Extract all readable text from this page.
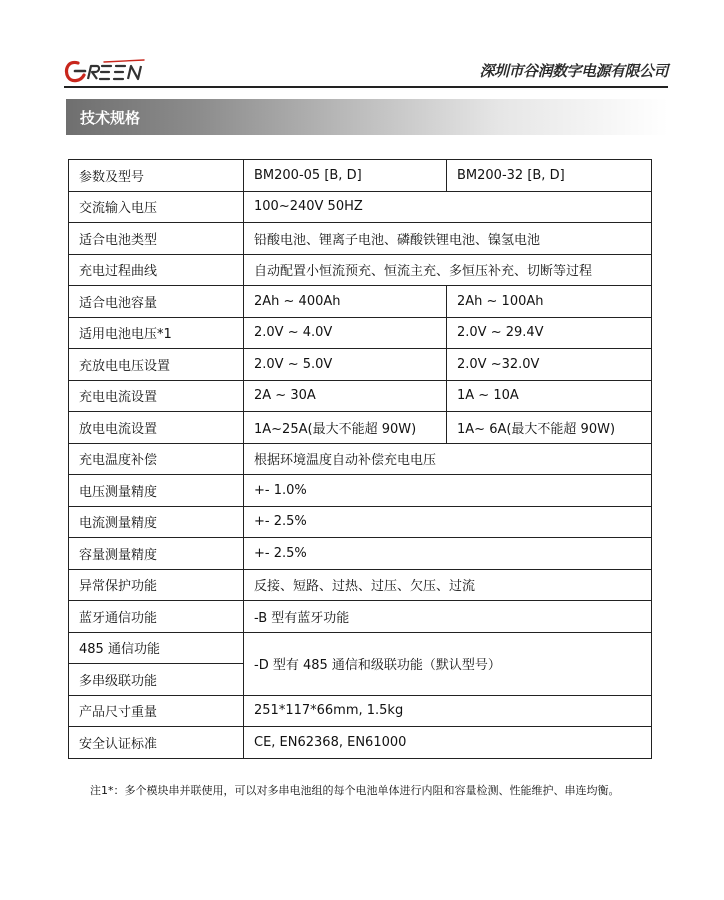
深圳市谷润数字电源有限公司
技术规格
参数及型号	BM200-05 [B, D]	BM200-32 [B, D]
交流输入电压	100~240V 50HZ	
适合电池类型	铅酸电池、锂离子电池、磷酸铁锂电池、镍氢电池	
充电过程曲线	自动配置小恒流预充、恒流主充、多恒压补充、切断等过程	
适合电池容量	2Ah ~ 400Ah	2Ah ~ 100Ah
适用电池电压*1	2.0V ~ 4.0V	2.0V ~ 29.4V
充放电电压设置	2.0V ~ 5.0V	2.0V ~32.0V
充电电流设置	2A ~ 30A	1A ~ 10A
放电电流设置	1A~25A(最大不能超 90W)	1A~ 6A(最大不能超 90W)
充电温度补偿	根据环境温度自动补偿充电电压	
电压测量精度	+- 1.0%	
电流测量精度	+- 2.5%	
容量测量精度	+- 2.5%	
异常保护功能	反接、短路、过热、过压、欠压、过流	
蓝牙通信功能	-B 型有蓝牙功能	
485 通信功能	-D 型有 485 通信和级联功能（默认型号）	
多串级联功能		
产品尺寸重量	251*117*66mm, 1.5kg	
安全认证标准	CE, EN62368, EN61000	
注1*：多个模块串并联使用，可以对多串电池组的每个电池单体进行内阻和容量检测、性能维护、串连均衡。
